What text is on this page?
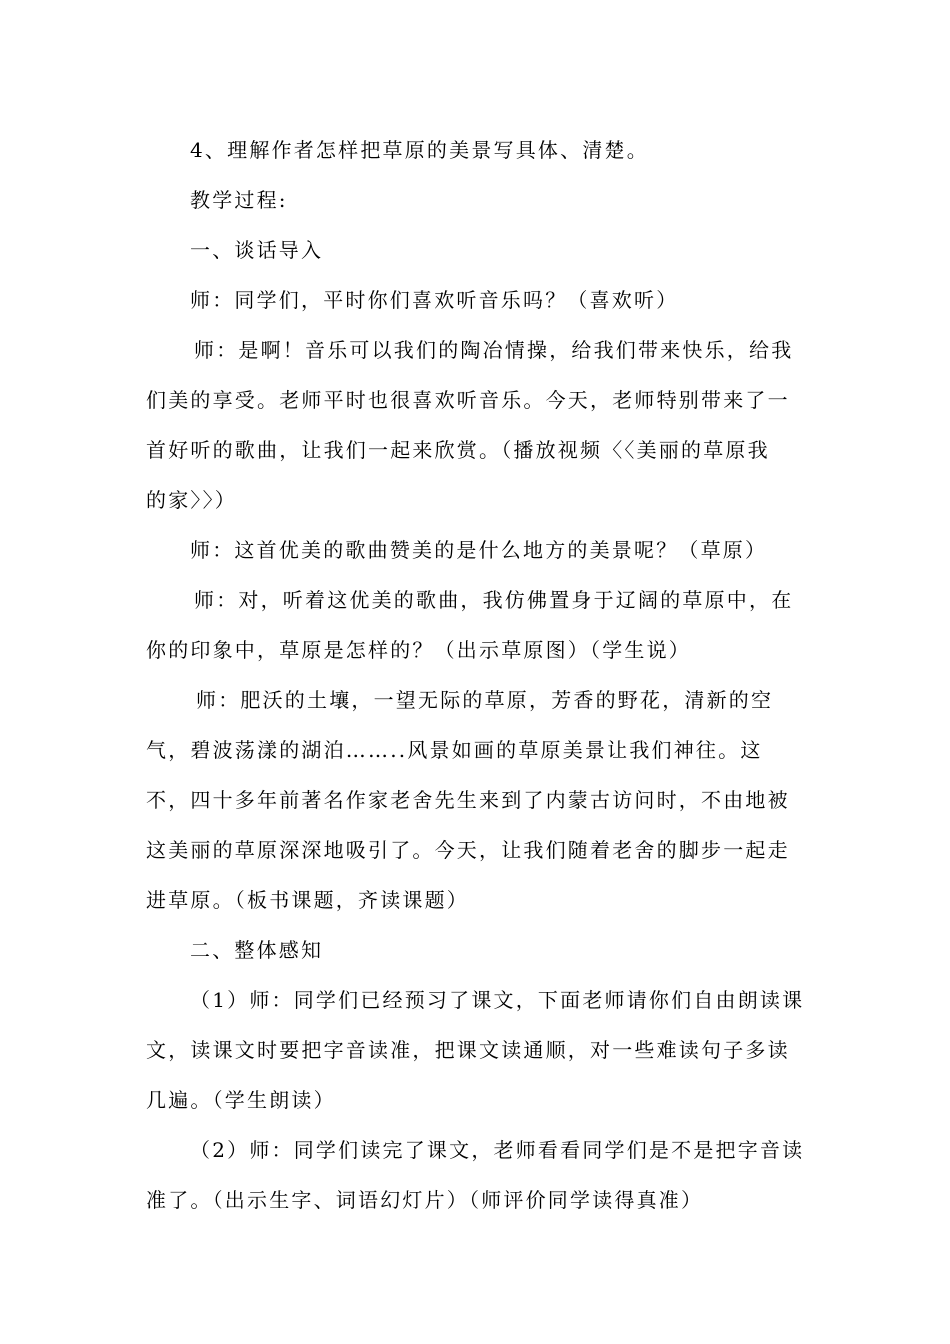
4、理解作者怎样把草原的美景写具体、清楚。
教学过程:
一、谈话导入
师：同学们，平时你们喜欢听音乐吗？（喜欢听）
师：是啊！音乐可以我们的陶冶情操，给我们带来快乐，给我
们美的享受。老师平时也很喜欢听音乐。今天，老师特别带来了一
首好听的歌曲，让我们一起来欣赏。（播放视频〈〈美丽的草原我
的家〉〉）
师：这首优美的歌曲赞美的是什么地方的美景呢？（草原）
师：对，听着这优美的歌曲，我仿佛置身于辽阔的草原中，在
你的印象中，草原是怎样的？（出示草原图）（学生说）
师：肥沃的土壤，一望无际的草原，芳香的野花，清新的空
气，碧波荡漾的湖泊……..风景如画的草原美景让我们神往。这
不，四十多年前著名作家老舍先生来到了内蒙古访问时，不由地被
这美丽的草原深深地吸引了。今天，让我们随着老舍的脚步一起走
进草原。（板书课题，齐读课题）
二、整体感知
（1）师：同学们已经预习了课文，下面老师请你们自由朗读课
文，读课文时要把字音读准，把课文读通顺，对一些难读句子多读
几遍。（学生朗读）
（2）师：同学们读完了课文，老师看看同学们是不是把字音读
准了。（出示生字、词语幻灯片）（师评价同学读得真准）
